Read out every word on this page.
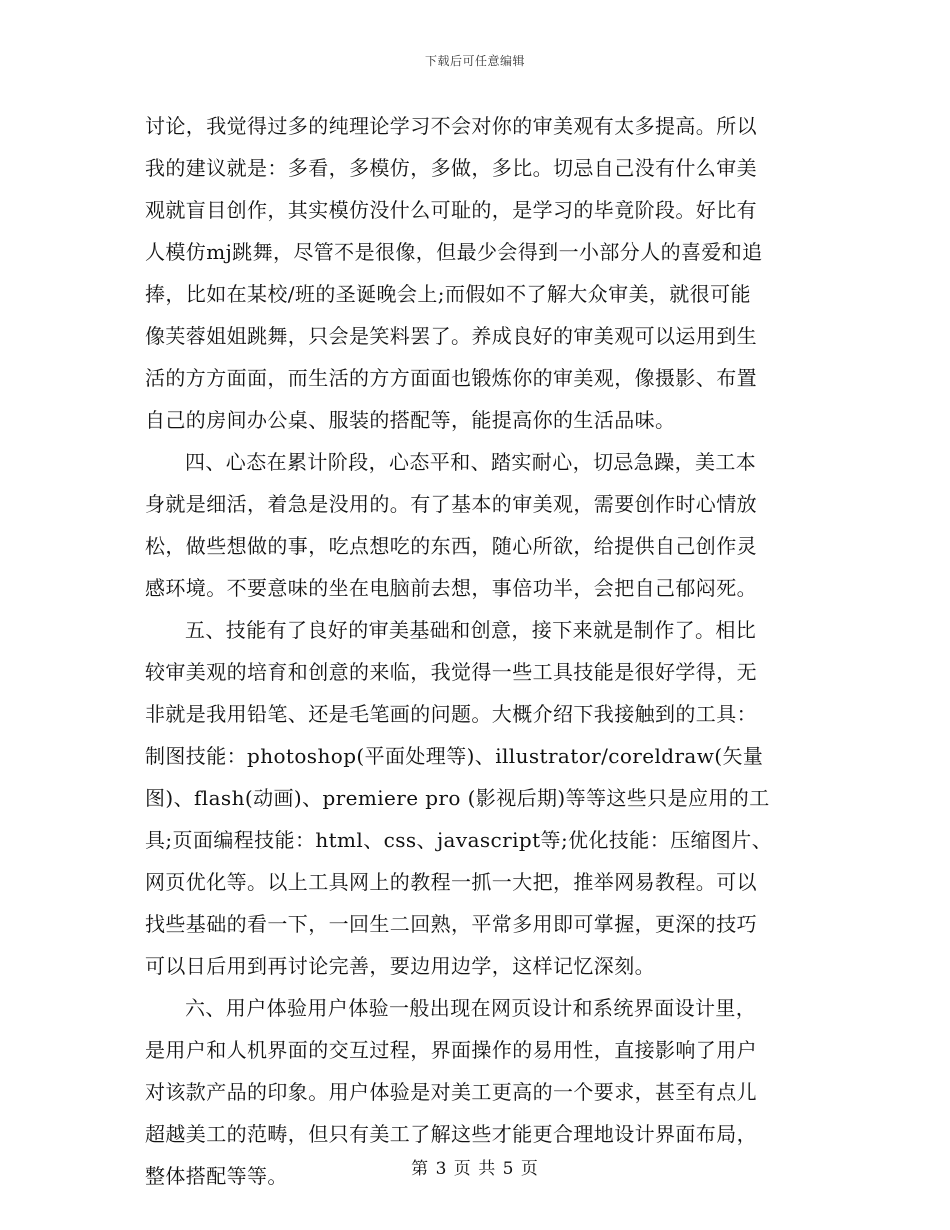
下载后可任意编辑
讨论，我觉得过多的纯理论学习不会对你的审美观有太多提高。所以
我的建议就是：多看，多模仿，多做，多比。切忌自己没有什么审美
观就盲目创作，其实模仿没什么可耻的，是学习的毕竟阶段。好比有
人模仿mj跳舞，尽管不是很像，但最少会得到一小部分人的喜爱和追
捧，比如在某校/班的圣诞晚会上;而假如不了解大众审美，就很可能
像芙蓉姐姐跳舞，只会是笑料罢了。养成良好的审美观可以运用到生
活的方方面面，而生活的方方面面也锻炼你的审美观，像摄影、布置
自己的房间办公桌、服装的搭配等，能提高你的生活品味。
四、心态在累计阶段，心态平和、踏实耐心，切忌急躁，美工本
身就是细活，着急是没用的。有了基本的审美观，需要创作时心情放
松，做些想做的事，吃点想吃的东西，随心所欲，给提供自己创作灵
感环境。不要意味的坐在电脑前去想，事倍功半，会把自己郁闷死。
五、技能有了良好的审美基础和创意，接下来就是制作了。相比
较审美观的培育和创意的来临，我觉得一些工具技能是很好学得，无
非就是我用铅笔、还是毛笔画的问题。大概介绍下我接触到的工具：
制图技能：photoshop(平面处理等)、illustrator/coreldraw(矢量
图)、flash(动画)、premiere pro (影视后期)等等这些只是应用的工
具;页面编程技能：html、css、javascript等;优化技能：压缩图片、
网页优化等。以上工具网上的教程一抓一大把，推举网易教程。可以
找些基础的看一下，一回生二回熟，平常多用即可掌握，更深的技巧
可以日后用到再讨论完善，要边用边学，这样记忆深刻。
六、用户体验用户体验一般出现在网页设计和系统界面设计里，
是用户和人机界面的交互过程，界面操作的易用性，直接影响了用户
对该款产品的印象。用户体验是对美工更高的一个要求，甚至有点儿
超越美工的范畴，但只有美工了解这些才能更合理地设计界面布局，
整体搭配等等。	第 3 页 共 5 页
